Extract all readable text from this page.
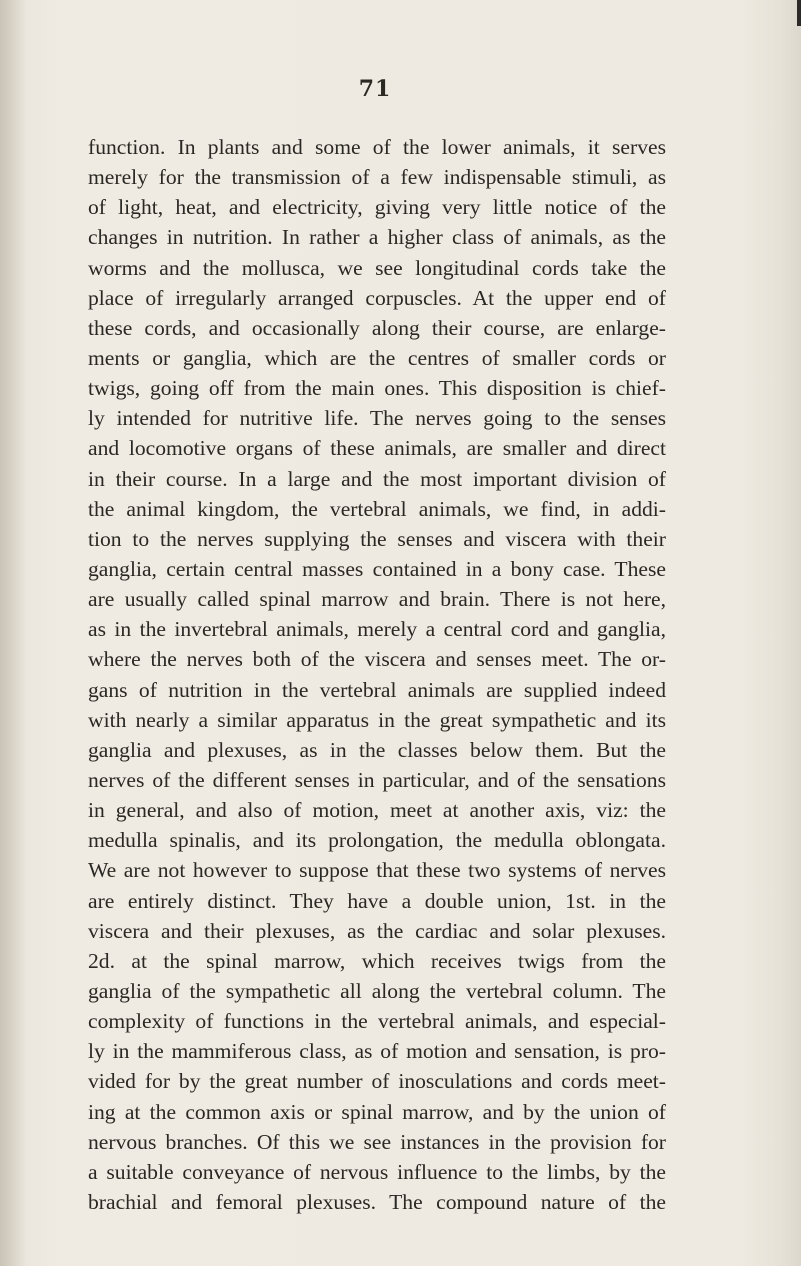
71
function. In plants and some of the lower animals, it serves
merely for the transmission of a few indispensable stimuli, as
of light, heat, and electricity, giving very little notice of the
changes in nutrition. In rather a higher class of animals, as the
worms and the mollusca, we see longitudinal cords take the
place of irregularly arranged corpuscles. At the upper end of
these cords, and occasionally along their course, are enlarge-
ments or ganglia, which are the centres of smaller cords or
twigs, going off from the main ones. This disposition is chief-
ly intended for nutritive life. The nerves going to the senses
and locomotive organs of these animals, are smaller and direct
in their course. In a large and the most important division of
the animal kingdom, the vertebral animals, we find, in addi-
tion to the nerves supplying the senses and viscera with their
ganglia, certain central masses contained in a bony case. These
are usually called spinal marrow and brain. There is not here,
as in the invertebral animals, merely a central cord and ganglia,
where the nerves both of the viscera and senses meet. The or-
gans of nutrition in the vertebral animals are supplied indeed
with nearly a similar apparatus in the great sympathetic and its
ganglia and plexuses, as in the classes below them. But the
nerves of the different senses in particular, and of the sensations
in general, and also of motion, meet at another axis, viz: the
medulla spinalis, and its prolongation, the medulla oblongata.
We are not however to suppose that these two systems of nerves
are entirely distinct. They have a double union, 1st. in the
viscera and their plexuses, as the cardiac and solar plexuses.
2d. at the spinal marrow, which receives twigs from the
ganglia of the sympathetic all along the vertebral column. The
complexity of functions in the vertebral animals, and especial-
ly in the mammiferous class, as of motion and sensation, is pro-
vided for by the great number of inosculations and cords meet-
ing at the common axis or spinal marrow, and by the union of
nervous branches. Of this we see instances in the provision for
a suitable conveyance of nervous influence to the limbs, by the
brachial and femoral plexuses. The compound nature of the
